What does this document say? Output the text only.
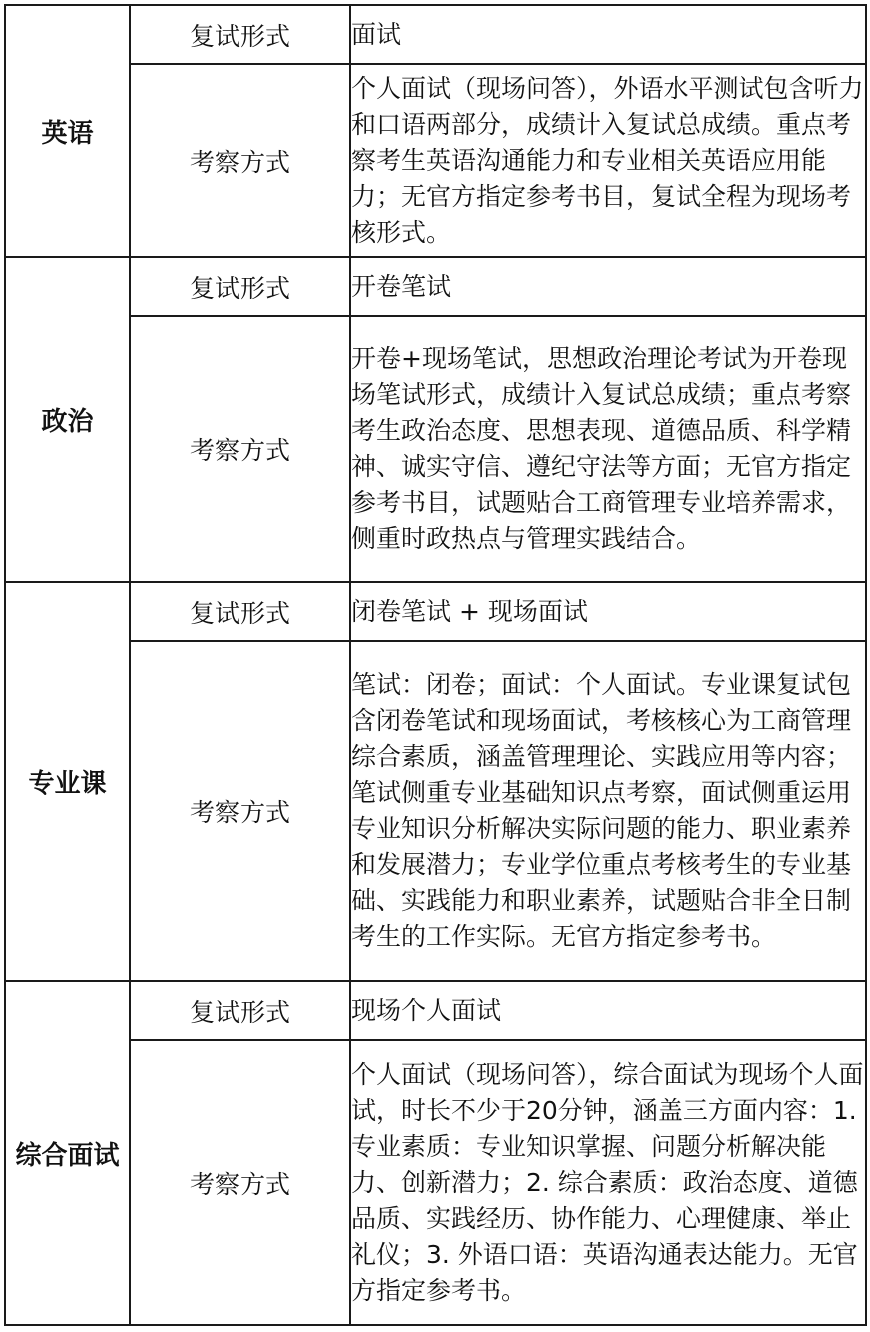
英语	复试形式	面试
	考察方式	个人面试（现场问答），外语水平测试包含听力和口语两部分，成绩计入复试总成绩。重点考察考生英语沟通能力和专业相关英语应用能力；无官方指定参考书目，复试全程为现场考核形式。
政治	复试形式	开卷笔试
	考察方式	开卷+现场笔试，思想政治理论考试为开卷现场笔试形式，成绩计入复试总成绩；重点考察考生政治态度、思想表现、道德品质、科学精神、诚实守信、遵纪守法等方面；无官方指定参考书目，试题贴合工商管理专业培养需求，侧重时政热点与管理实践结合。
专业课	复试形式	闭卷笔试 + 现场面试
	考察方式	笔试：闭卷；面试：个人面试。专业课复试包含闭卷笔试和现场面试，考核核心为工商管理综合素质，涵盖管理理论、实践应用等内容；笔试侧重专业基础知识点考察，面试侧重运用专业知识分析解决实际问题的能力、职业素养和发展潜力；专业学位重点考核考生的专业基础、实践能力和职业素养，试题贴合非全日制考生的工作实际。无官方指定参考书。
综合面试	复试形式	现场个人面试
	考察方式	个人面试（现场问答），综合面试为现场个人面试，时长不少于20分钟，涵盖三方面内容：1. 专业素质：专业知识掌握、问题分析解决能力、创新潜力；2. 综合素质：政治态度、道德品质、实践经历、协作能力、心理健康、举止礼仪；3. 外语口语：英语沟通表达能力。无官方指定参考书。
